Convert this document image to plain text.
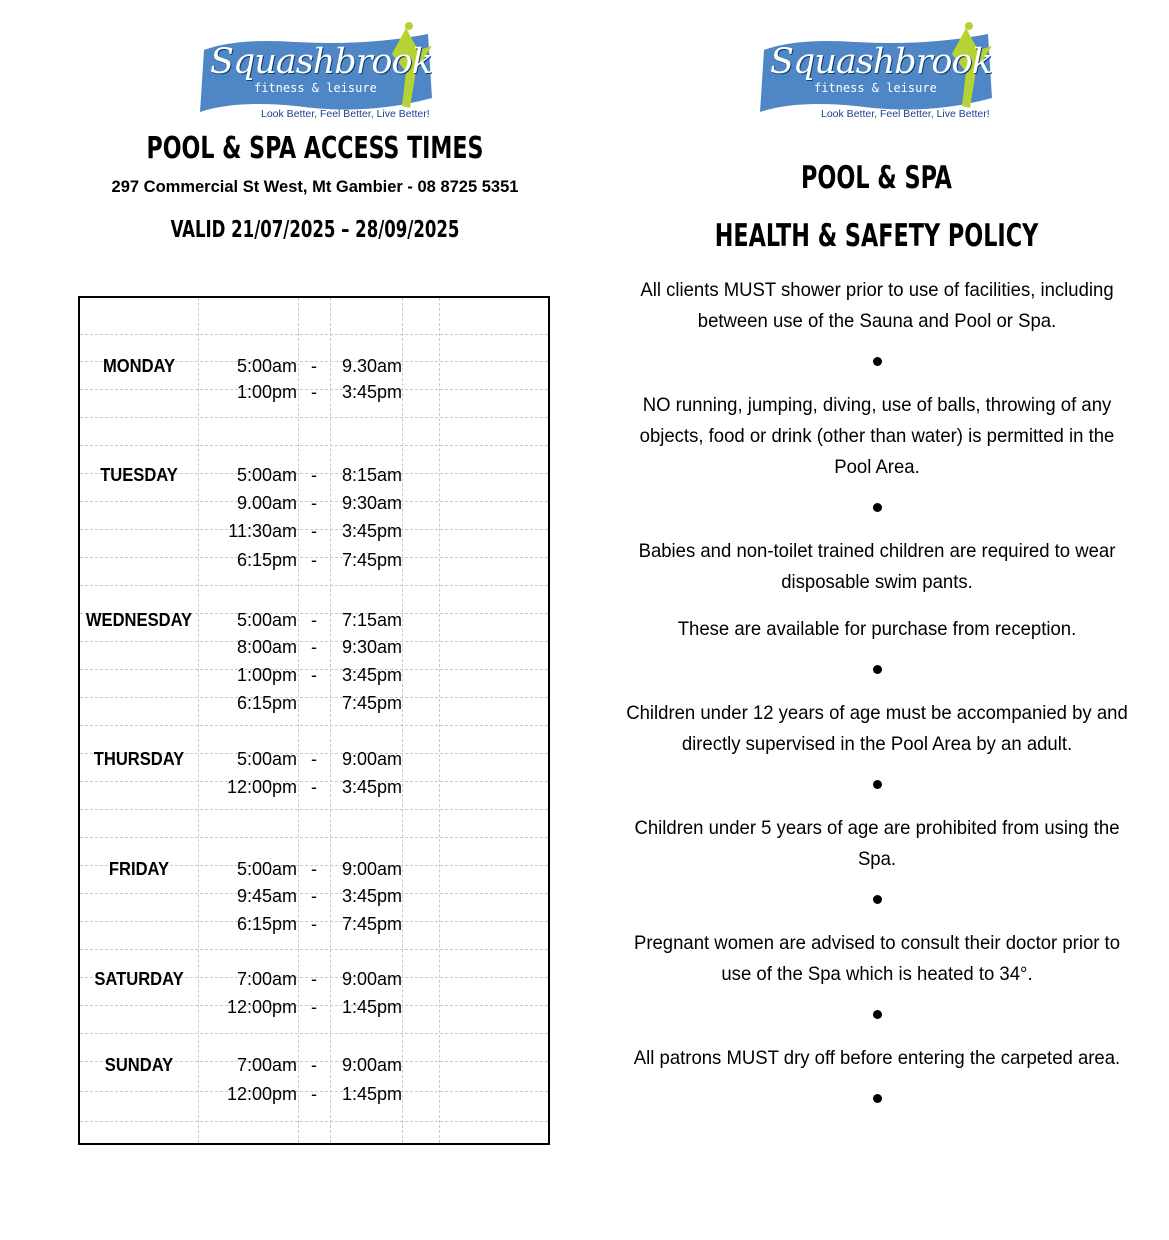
Squashbrook
fitness & leisure
Look Better, Feel Better, Live Better!
Squashbrook
fitness & leisure
Look Better, Feel Better, Live Better!
POOL & SPA ACCESS TIMES
297 Commercial St West, Mt Gambier - 08 8725 5351
VALID 21/07/2025 – 28/09/2025
MONDAY	5:00am -	9.30am
1:00pm -	3:45pm
TUESDAY	5:00am -	8:15am
9.00am -	9:30am
11:30am -	3:45pm
6:15pm -	7:45pm
WEDNESDAY	5:00am -	7:15am
8:00am -	9:30am
1:00pm -	3:45pm
6:15pm	7:45pm
THURSDAY	5:00am -	9:00am
12:00pm -	3:45pm
FRIDAY	5:00am -	9:00am
9:45am -	3:45pm
6:15pm -	7:45pm
SATURDAY	7:00am -	9:00am
12:00pm -	1:45pm
SUNDAY	7:00am -	9:00am
12:00pm -	1:45pm
POOL & SPA
HEALTH & SAFETY POLICY
All clients MUST shower prior to use of facilities, including between use of the Sauna and Pool or Spa.
NO running, jumping, diving, use of balls, throwing of any objects, food or drink (other than water) is permitted in the Pool Area.
Babies and non-toilet trained children are required to wear disposable swim pants.
These are available for purchase from reception.
Children under 12 years of age must be accompanied by and directly supervised in the Pool Area by an adult.
Children under 5 years of age are prohibited from using the Spa.
Pregnant women are advised to consult their doctor prior to use of the Spa which is heated to 34°.
All patrons MUST dry off before entering the carpeted area.
